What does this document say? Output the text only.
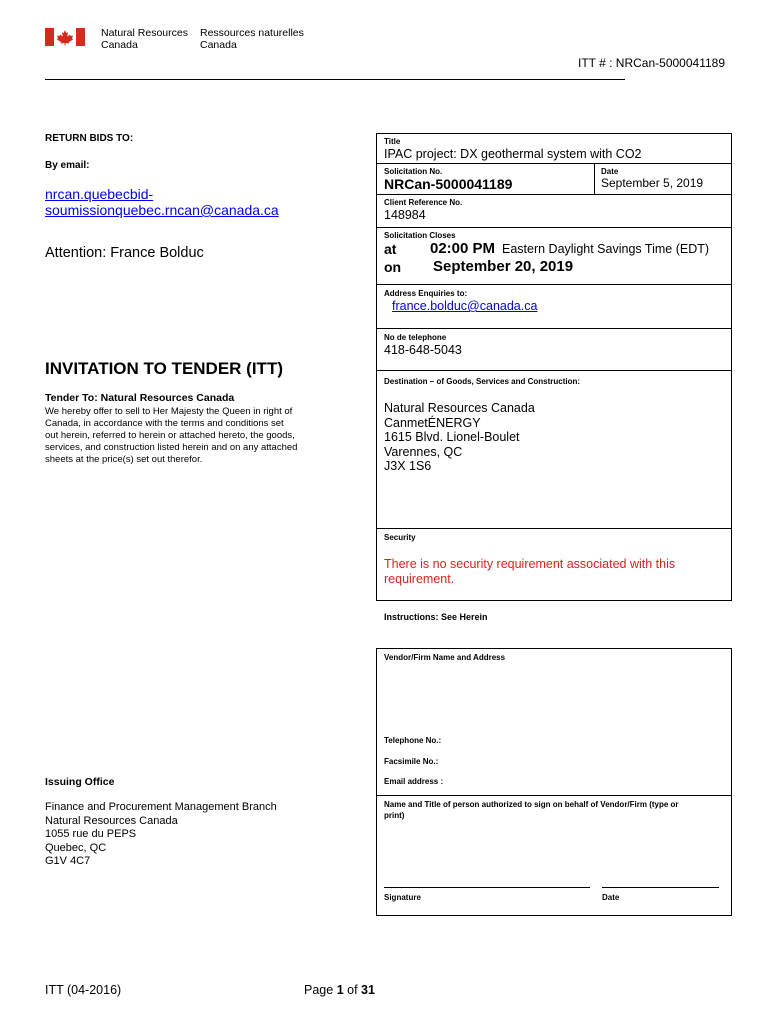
Natural Resources
Canada
Ressources naturelles
Canada
ITT # : NRCan-5000041189
RETURN BIDS TO:
By email:
nrcan.quebecbid-
soumissionquebec.rncan@canada.ca
Attention: France Bolduc
INVITATION TO TENDER (ITT)
Tender To: Natural Resources Canada
We hereby offer to sell to Her Majesty the Queen in right of
Canada, in accordance with the terms and conditions set
out herein, referred to herein or attached hereto, the goods,
services, and construction listed herein and on any attached
sheets at the price(s) set out therefor.
Issuing Office
Finance and Procurement Management Branch
Natural Resources Canada
1055 rue du PEPS
Quebec, QC
G1V 4C7
Title
IPAC project: DX geothermal system with CO2
Solicitation No.
NRCan-5000041189
Date
September 5, 2019
Client Reference No.
148984
Solicitation Closes
at 02:00 PM Eastern Daylight Savings Time (EDT)
on September 20, 2019
Address Enquiries to:
france.bolduc@canada.ca
No de telephone
418-648-5043
Destination – of Goods, Services and Construction:
Natural Resources Canada
CanmetÉNERGY
1615 Blvd. Lionel-Boulet
Varennes, QC
J3X 1S6
Security
There is no security requirement associated with this
requirement.
Instructions: See Herein
Vendor/Firm Name and Address
Telephone No.:
Facsimile No.:
Email address :
Name and Title of person authorized to sign on behalf of Vendor/Firm (type or
print)
Signature	Date
ITT (04-2016)	Page 1 of 31
